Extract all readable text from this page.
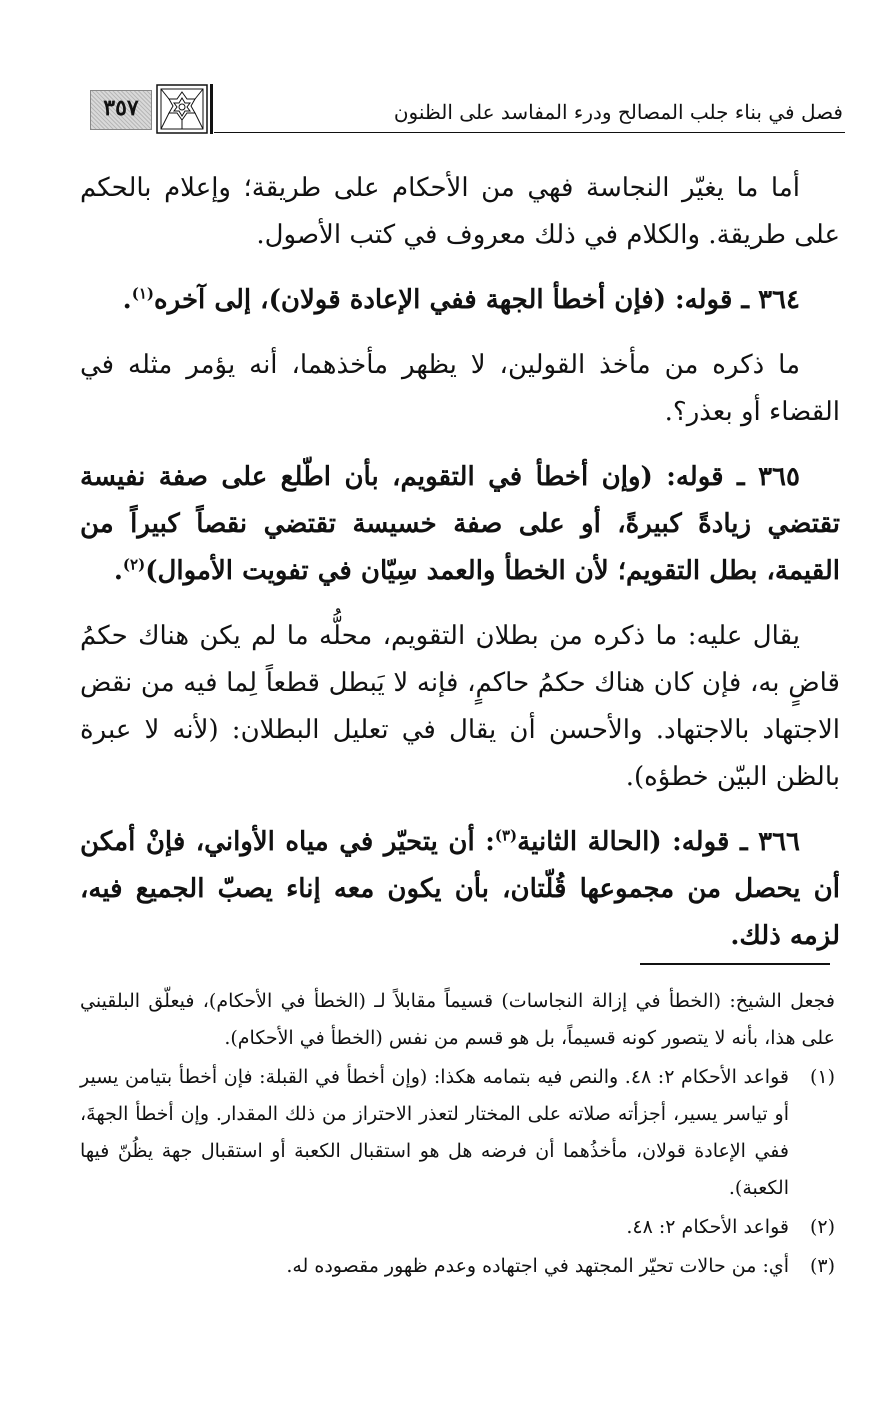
٣٥٧	فصل في بناء جلب المصالح ودرء المفاسد على الظنون

أما ما يغيّر النجاسة فهي من الأحكام على طريقة؛ وإعلام بالحكم على طريقة. والكلام في ذلك معروف في كتب الأصول.

٣٦٤ ـ قوله: (فإن أخطأ الجهة ففي الإعادة قولان)، إلى آخره$^{(١)}$.

ما ذكره من مأخذ القولين، لا يظهر مأخذهما، أنه يؤمر مثله في القضاء أو بعذر؟.

٣٦٥ ـ قوله: (وإن أخطأ في التقويم، بأن اطّلع على صفة نفيسة تقتضي زيادةً كبيرةً، أو على صفة خسيسة تقتضي نقصاً كبيراً من القيمة، بطل التقويم؛ لأن الخطأ والعمد سِيّان في تفويت الأموال)$^{(٢)}$.

يقال عليه: ما ذكره من بطلان التقويم، محلُّه ما لم يكن هناك حكمُ قاضٍ به، فإن كان هناك حكمُ حاكمٍ، فإنه لا يَبطل قطعاً لِما فيه من نقض الاجتهاد بالاجتهاد. والأحسن أن يقال في تعليل البطلان: (لأنه لا عبرة بالظن البيّن خطؤه).

٣٦٦ ـ قوله: (الحالة الثانية$^{(٣)}$: أن يتحيّر في مياه الأواني، فإنْ أمكن أن يحصل من مجموعها قُلّتان، بأن يكون معه إناء يصبّ الجميع فيه، لزمه ذلك.

فجعل الشيخ: (الخطأ في إزالة النجاسات) قسيماً مقابلاً لـ (الخطأ في الأحكام)، فيعلّق البلقيني على هذا، بأنه لا يتصور كونه قسيماً، بل هو قسم من نفس (الخطأ في الأحكام).

(١)
قواعد الأحكام ٢: ٤٨. والنص فيه بتمامه هكذا: (وإن أخطأ في القبلة: فإن أخطأ بتيامن يسير أو تياسر يسير، أجزأته صلاته على المختار لتعذر الاحتراز من ذلك المقدار. وإن أخطأ الجهةَ، ففي الإعادة قولان، مأخذُهما أن فرضه هل هو استقبال الكعبة أو استقبال جهة يظُنّ فيها الكعبة).
(٢)
قواعد الأحكام ٢: ٤٨.
(٣)
أي: من حالات تحيّر المجتهد في اجتهاده وعدم ظهور مقصوده له.
